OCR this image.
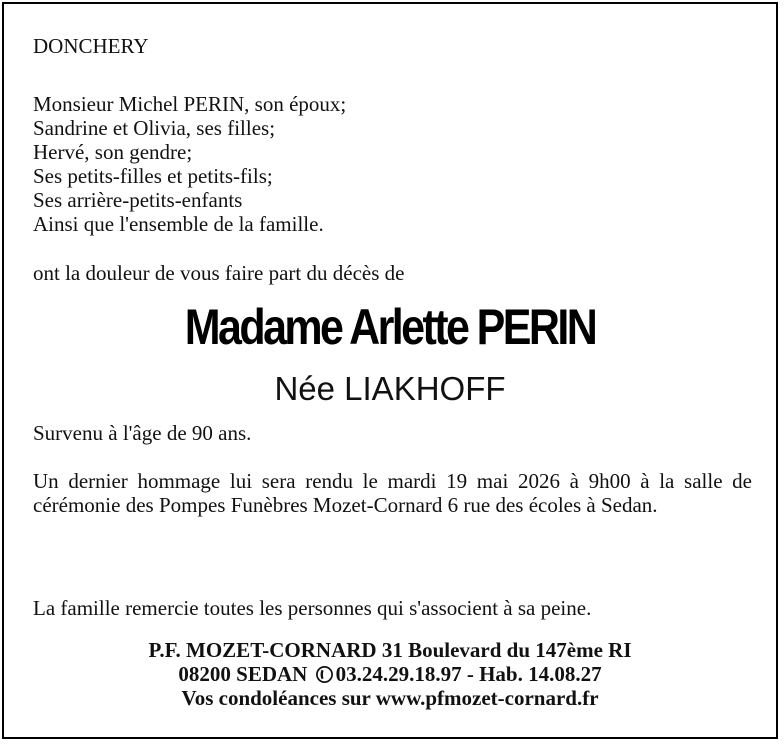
DONCHERY
Monsieur Michel PERIN, son époux;
Sandrine et Olivia, ses filles;
Hervé, son gendre;
Ses petits-filles et petits-fils;
Ses arrière-petits-enfants
Ainsi que l'ensemble de la famille.
ont la douleur de vous faire part du décès de
Madame Arlette PERIN
Née LIAKHOFF
Survenu à l'âge de 90 ans.
Un dernier hommage lui sera rendu le mardi 19 mai 2026 à 9h00 à la salle de cérémonie des Pompes Funèbres Mozet-Cornard 6 rue des écoles à Sedan.
La famille remercie toutes les personnes qui s'associent à sa peine.
P.F. MOZET-CORNARD 31 Boulevard du 147ème RI
08200 SEDAN 03.24.29.18.97 - Hab. 14.08.27
Vos condoléances sur www.pfmozet-cornard.fr
